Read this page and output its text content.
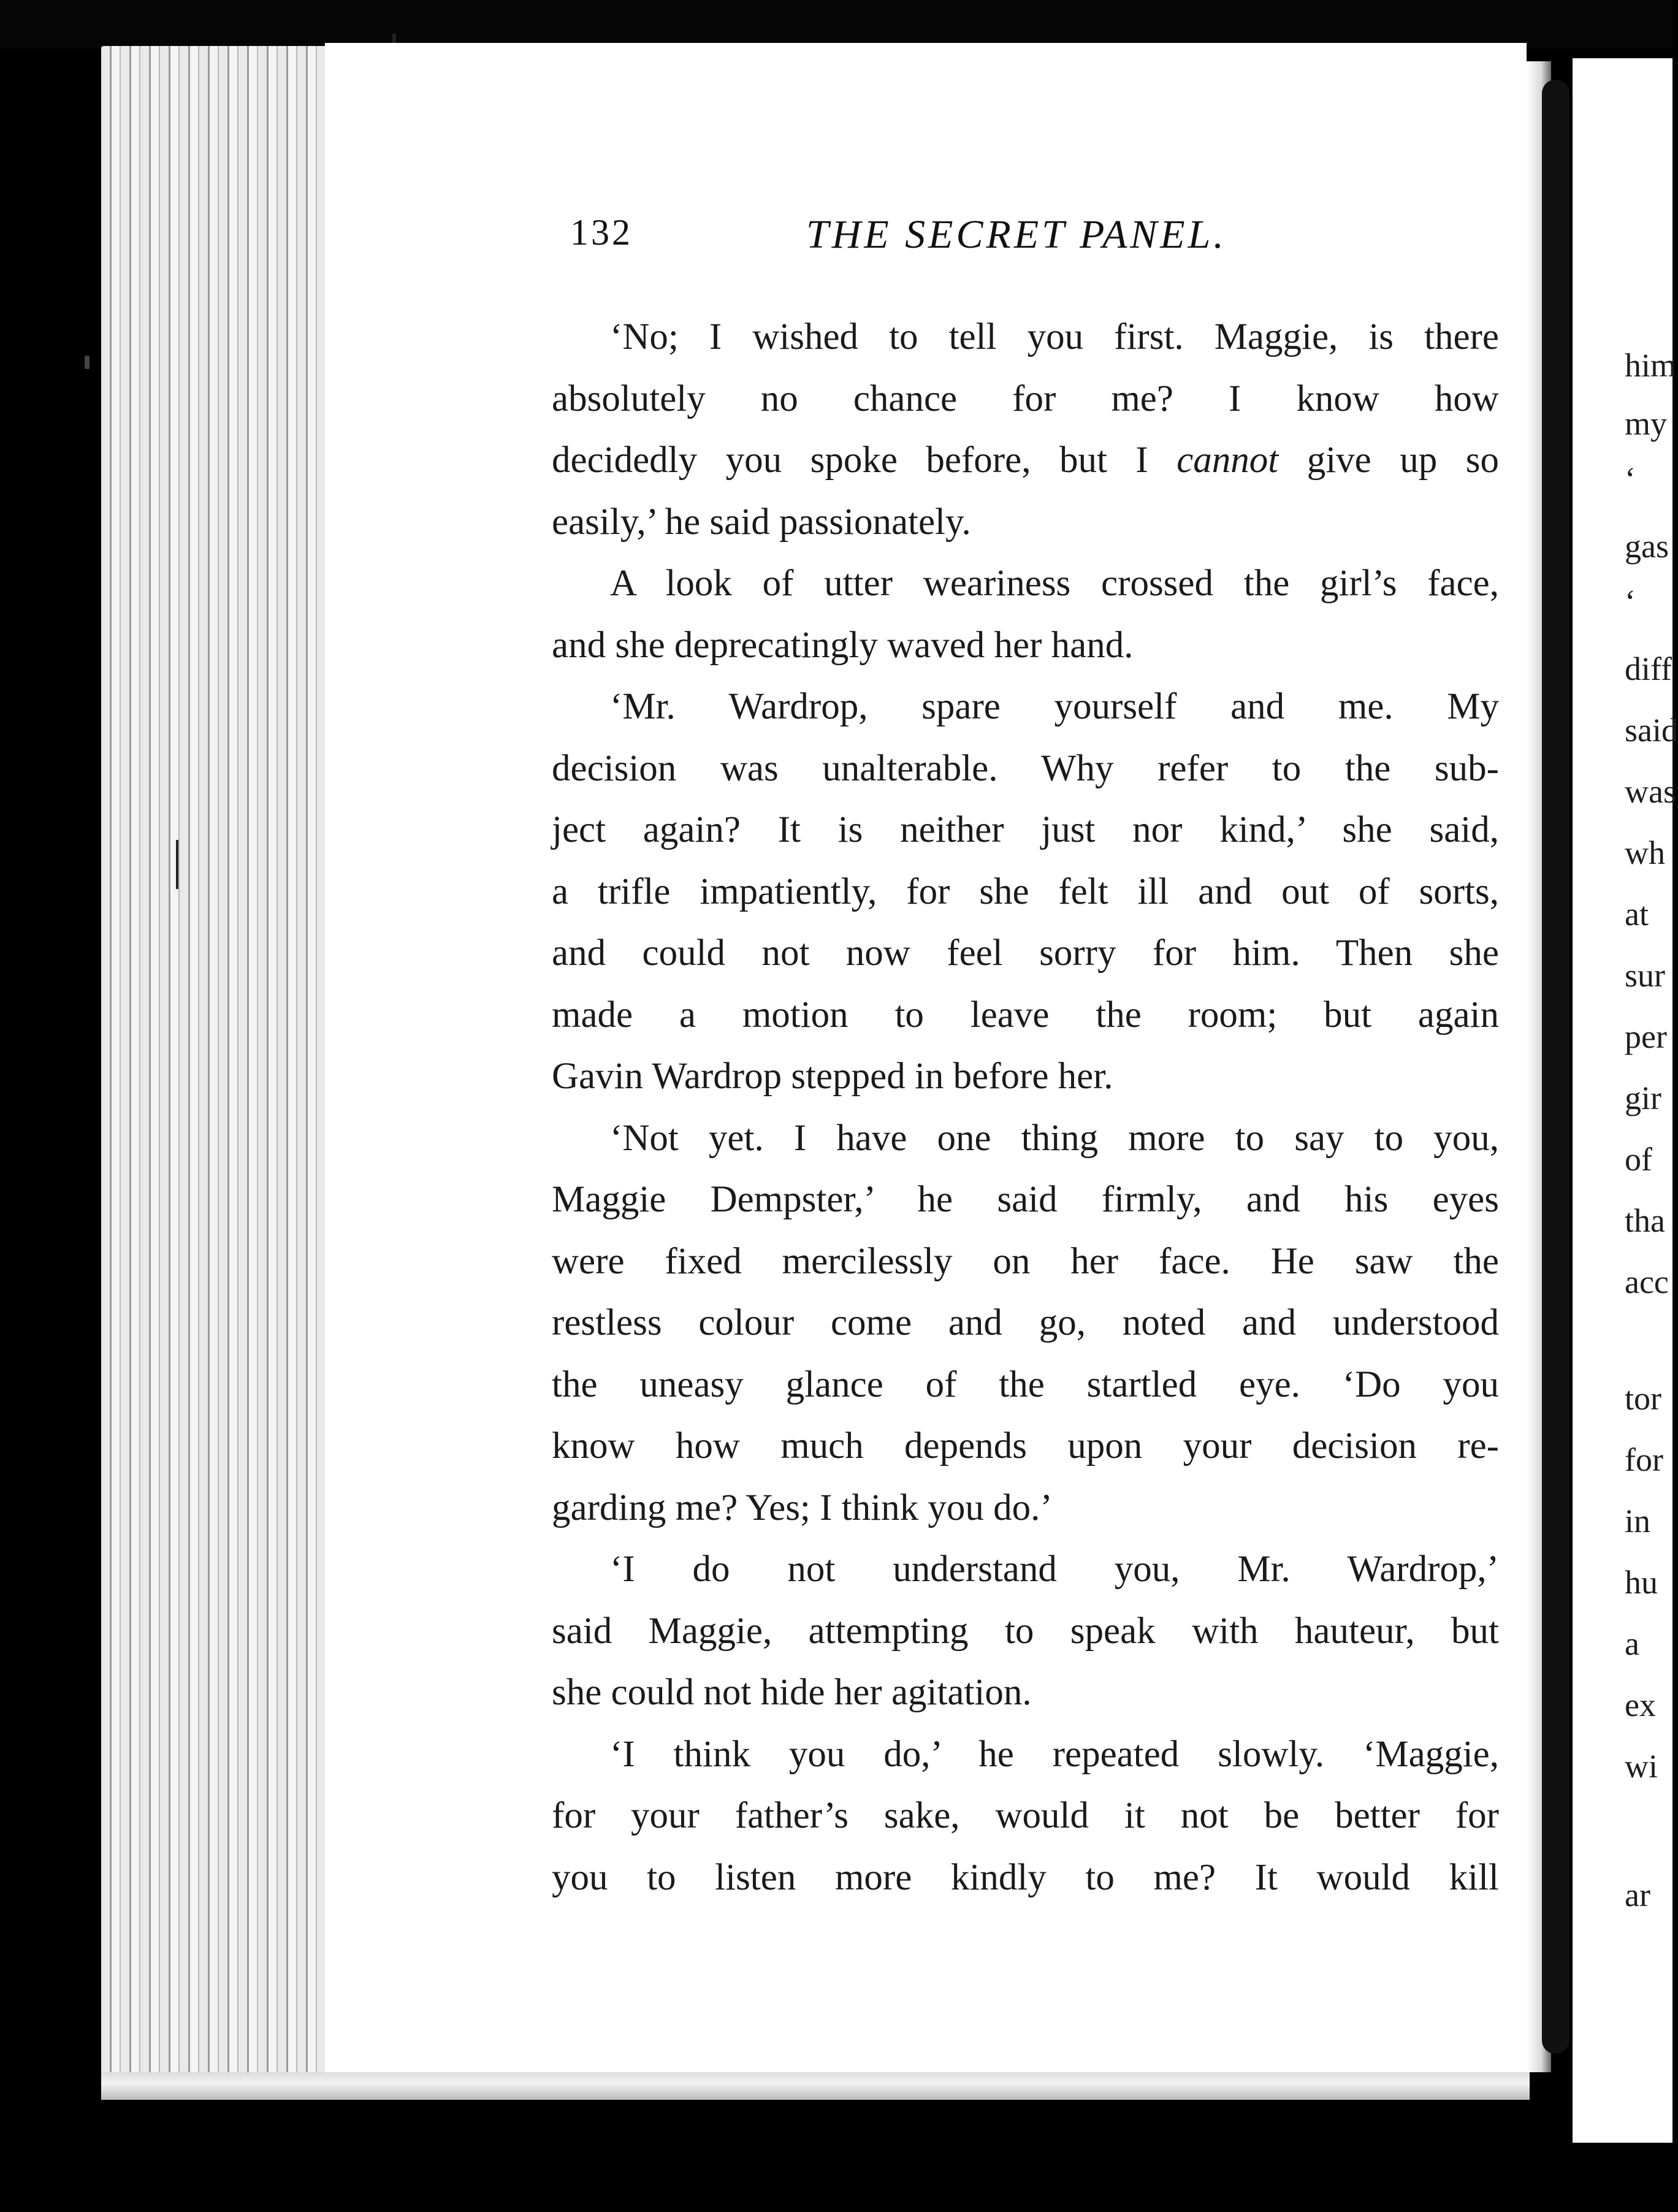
him
my
‘
gas
‘
diff
said
was
wh
at
sur
per
gir
of
tha
acc
tor
for
in
hu
a
ex
wi
ar
132	THE SECRET PANEL.

‘No; I wished to tell you first. Maggie, is there
absolutely no chance for me? I know how
decidedly you spoke before, but I cannot give up so
easily,’ he said passionately.

A look of utter weariness crossed the girl’s face,
and she deprecatingly waved her hand.

‘Mr. Wardrop, spare yourself and me. My
decision was unalterable. Why refer to the sub-
ject again? It is neither just nor kind,’ she said,
a trifle impatiently, for she felt ill and out of sorts,
and could not now feel sorry for him. Then she
made a motion to leave the room; but again
Gavin Wardrop stepped in before her.

‘Not yet. I have one thing more to say to you,
Maggie Dempster,’ he said firmly, and his eyes
were fixed mercilessly on her face. He saw the
restless colour come and go, noted and understood
the uneasy glance of the startled eye. ‘Do you
know how much depends upon your decision re-
garding me? Yes; I think you do.’

‘I do not understand you, Mr. Wardrop,’
said Maggie, attempting to speak with hauteur, but
she could not hide her agitation.

‘I think you do,’ he repeated slowly. ‘Maggie,
for your father’s sake, would it not be better for
you to listen more kindly to me? It would kill
